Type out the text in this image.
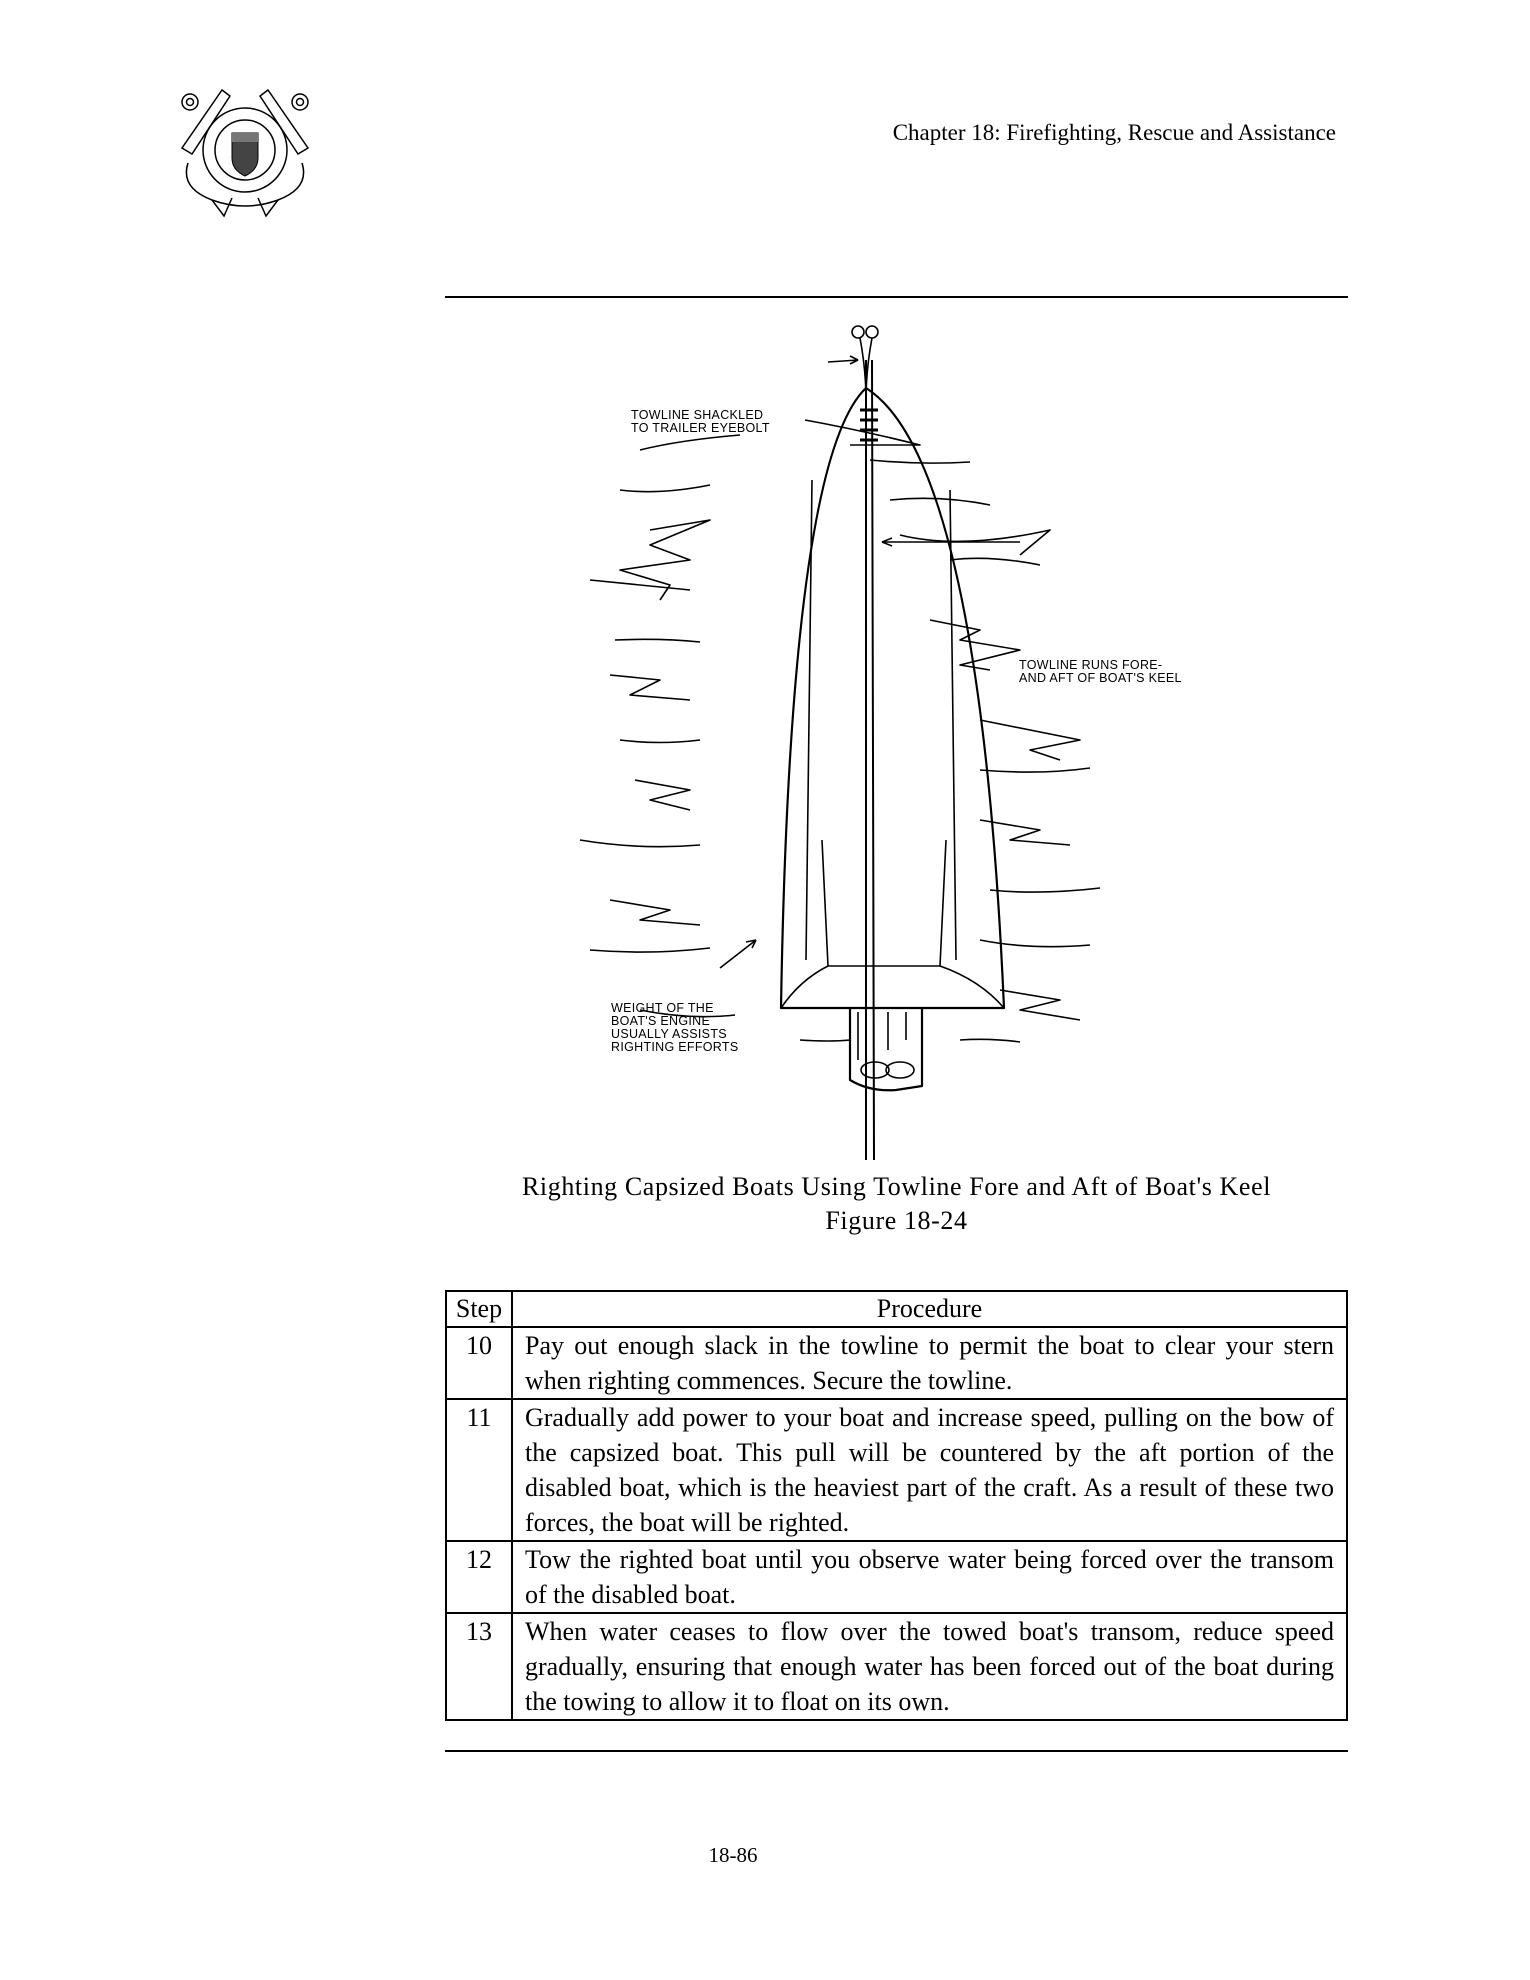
Chapter 18: Firefighting, Rescue and Assistance
TOWLINE SHACKLED
TO TRAILER EYEBOLT
TOWLINE RUNS FORE-
AND AFT OF BOAT'S KEEL
WEIGHT OF THE
BOAT'S ENGINE
USUALLY ASSISTS
RIGHTING EFFORTS
Righting Capsized Boats Using Towline Fore and Aft of Boat's Keel
Figure 18-24
Step	Procedure
10	Pay out enough slack in the towline to permit the boat to clear your stern when righting commences. Secure the towline.
11	Gradually add power to your boat and increase speed, pulling on the bow of the capsized boat. This pull will be countered by the aft portion of the disabled boat, which is the heaviest part of the craft. As a result of these two forces, the boat will be righted.
12	Tow the righted boat until you observe water being forced over the transom of the disabled boat.
13	When water ceases to flow over the towed boat's transom, reduce speed gradually, ensuring that enough water has been forced out of the boat during the towing to allow it to float on its own.
18-86
